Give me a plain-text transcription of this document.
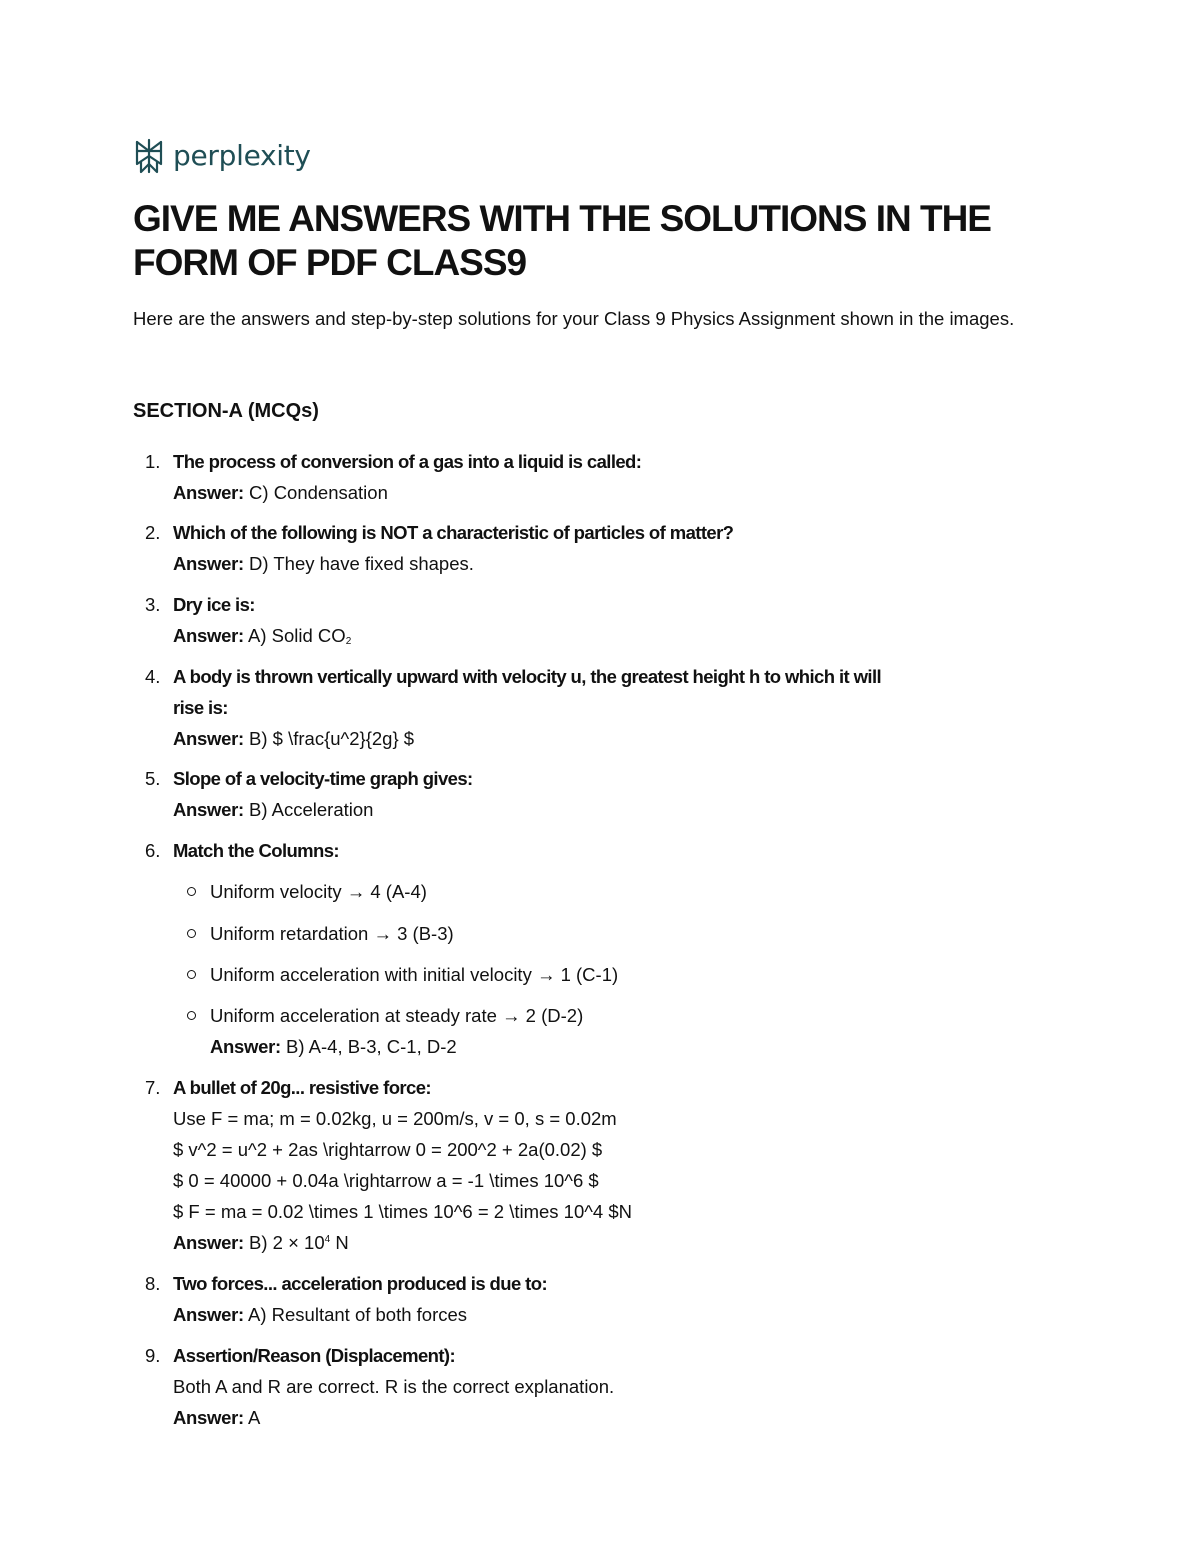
perplexity
GIVE ME ANSWERS WITH THE SOLUTIONS IN THE FORM OF PDF CLASS9

Here are the answers and step-by-step solutions for your Class 9 Physics Assignment shown in the images.

SECTION-A (MCQs)
1. The process of conversion of a gas into a liquid is called:
Answer: C) Condensation
2. Which of the following is NOT a characteristic of particles of matter?
Answer: D) They have fixed shapes.
3. Dry ice is:
Answer: A) Solid $CO_2$
4. A body is thrown vertically upward with velocity u, the greatest height h to which it will
rise is:
Answer: B) $ \frac{u^2}{2g} $
5. Slope of a velocity-time graph gives:
Answer: B) Acceleration
6. Match the Columns:
Uniform velocity → 4 (A-4)
Uniform retardation → 3 (B-3)
Uniform acceleration with initial velocity → 1 (C-1)
Uniform acceleration at steady rate → 2 (D-2)
Answer: B) A-4, B-3, C-1, D-2
7. A bullet of 20g... resistive force:
Use F = ma; m = 0.02kg, u = 200m/s, v = 0, s = 0.02m
$ v^2 = u^2 + 2as \rightarrow 0 = 200^2 + 2a(0.02) $
$ 0 = 40000 + 0.04a \rightarrow a = -1 \times 10^6 $
$ F = ma = 0.02 \times 1 \times 10^6 = 2 \times 10^4 $N
Answer: B) $2 \times 10^4$ N
8. Two forces... acceleration produced is due to:
Answer: A) Resultant of both forces
9. Assertion/Reason (Displacement):
Both A and R are correct. R is the correct explanation.
Answer: A
